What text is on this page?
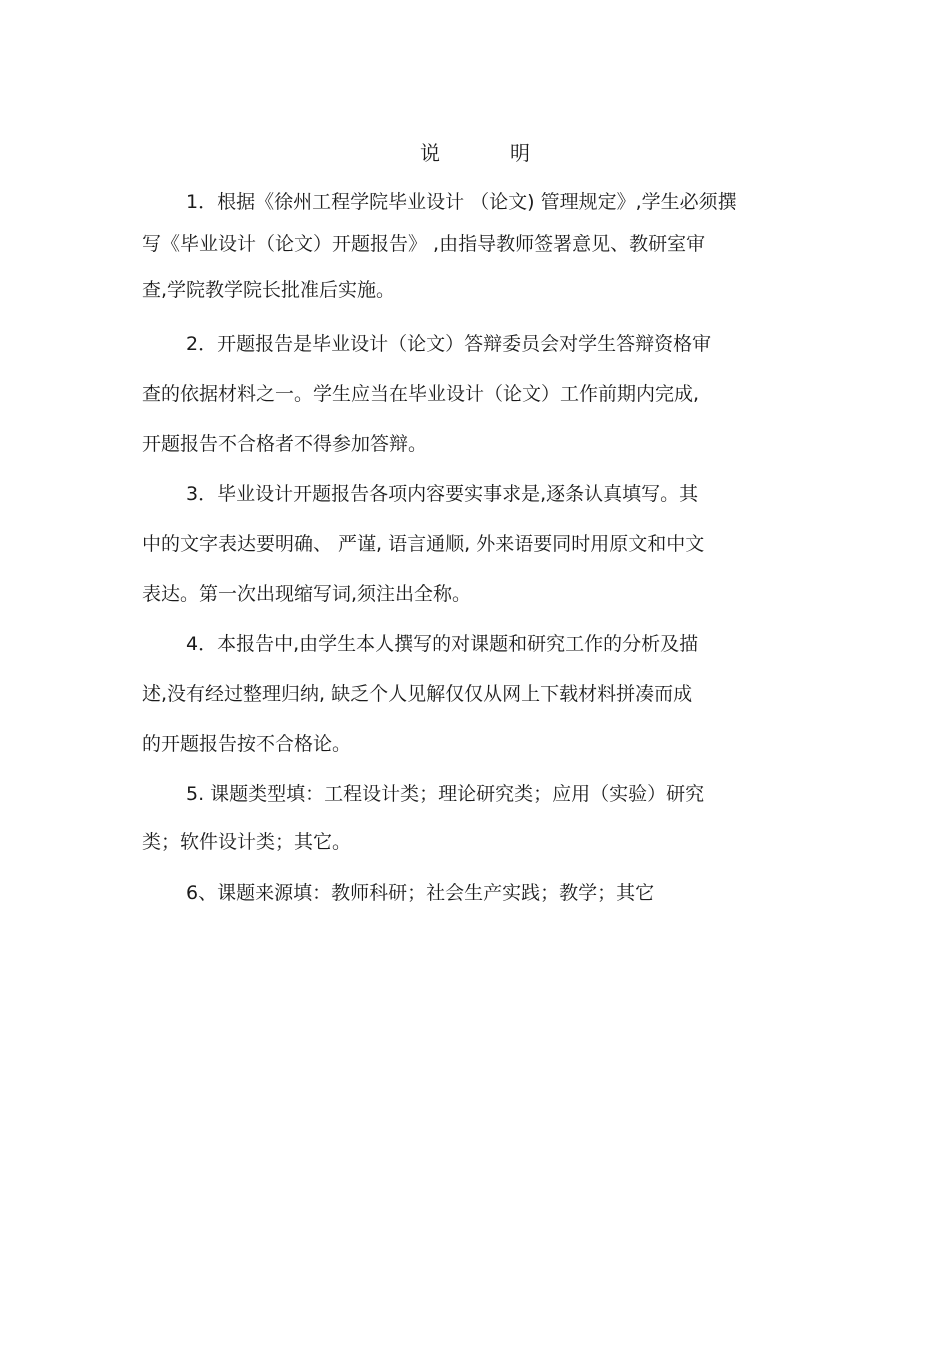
说	明
1．根据《徐州工程学院毕业设计 （论文) 管理规定》,学生必须撰
写《毕业设计（论文）开题报告》 ,由指导教师签署意见、教研室审
查,学院教学院长批准后实施。
2．开题报告是毕业设计（论文）答辩委员会对学生答辩资格审
查的依据材料之一。学生应当在毕业设计（论文）工作前期内完成,
开题报告不合格者不得参加答辩。
3．毕业设计开题报告各项内容要实事求是,逐条认真填写。其
中的文字表达要明确、 严谨, 语言通顺, 外来语要同时用原文和中文
表达。第一次出现缩写词,须注出全称。
4．本报告中,由学生本人撰写的对课题和研究工作的分析及描
述,没有经过整理归纳, 缺乏个人见解仅仅从网上下载材料拼凑而成
的开题报告按不合格论。
5. 课题类型填：工程设计类；理论研究类；应用（实验）研究
类；软件设计类；其它。
6、课题来源填：教师科研；社会生产实践；教学；其它
